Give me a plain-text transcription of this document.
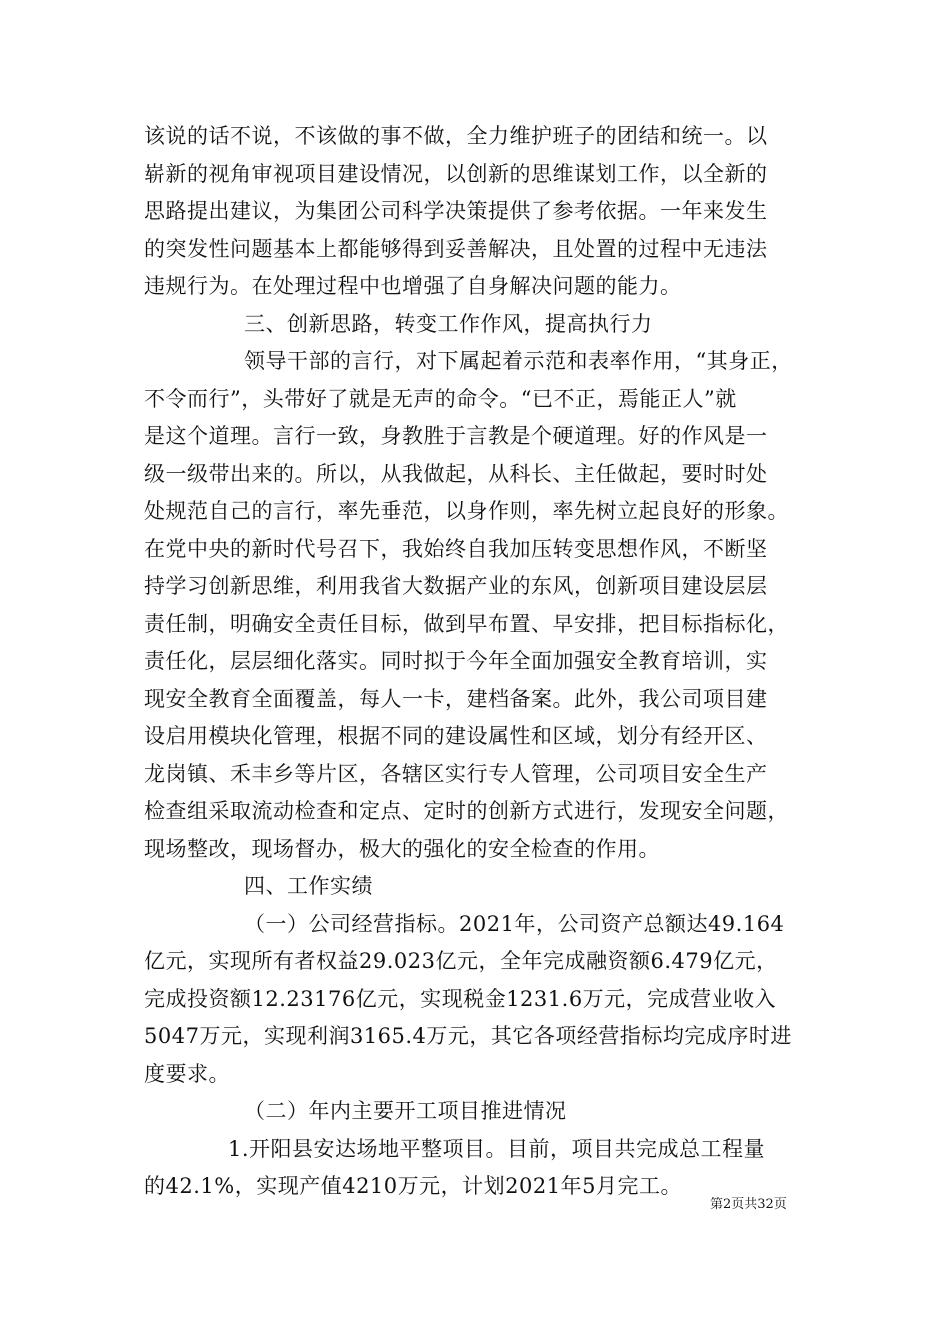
该说的话不说，不该做的事不做，全力维护班子的团结和统一。以
崭新的视角审视项目建设情况，以创新的思维谋划工作，以全新的
思路提出建议，为集团公司科学决策提供了参考依据。一年来发生
的突发性问题基本上都能够得到妥善解决，且处置的过程中无违法
违规行为。在处理过程中也增强了自身解决问题的能力。
三、创新思路，转变工作作风，提高执行力
领导干部的言行，对下属起着示范和表率作用，“其身正，
不令而行”，头带好了就是无声的命令。“已不正，焉能正人”就
是这个道理。言行一致，身教胜于言教是个硬道理。好的作风是一
级一级带出来的。所以，从我做起，从科长、主任做起，要时时处
处规范自己的言行，率先垂范，以身作则，率先树立起良好的形象。
在党中央的新时代号召下，我始终自我加压转变思想作风，不断坚
持学习创新思维，利用我省大数据产业的东风，创新项目建设层层
责任制，明确安全责任目标，做到早布置、早安排，把目标指标化，
责任化，层层细化落实。同时拟于今年全面加强安全教育培训，实
现安全教育全面覆盖，每人一卡，建档备案。此外，我公司项目建
设启用模块化管理，根据不同的建设属性和区域，划分有经开区、
龙岗镇、禾丰乡等片区，各辖区实行专人管理，公司项目安全生产
检查组采取流动检查和定点、定时的创新方式进行，发现安全问题，
现场整改，现场督办，极大的强化的安全检查的作用。
四、工作实绩
（一）公司经营指标。2021年，公司资产总额达49.164
亿元，实现所有者权益29.023亿元，全年完成融资额6.479亿元，
完成投资额12.23176亿元，实现税金1231.6万元，完成营业收入
5047万元，实现利润3165.4万元，其它各项经营指标均完成序时进
度要求。
（二）年内主要开工项目推进情况
1.开阳县安达场地平整项目。目前，项目共完成总工程量
的42.1%，实现产值4210万元，计划2021年5月完工。
第2页共32页
